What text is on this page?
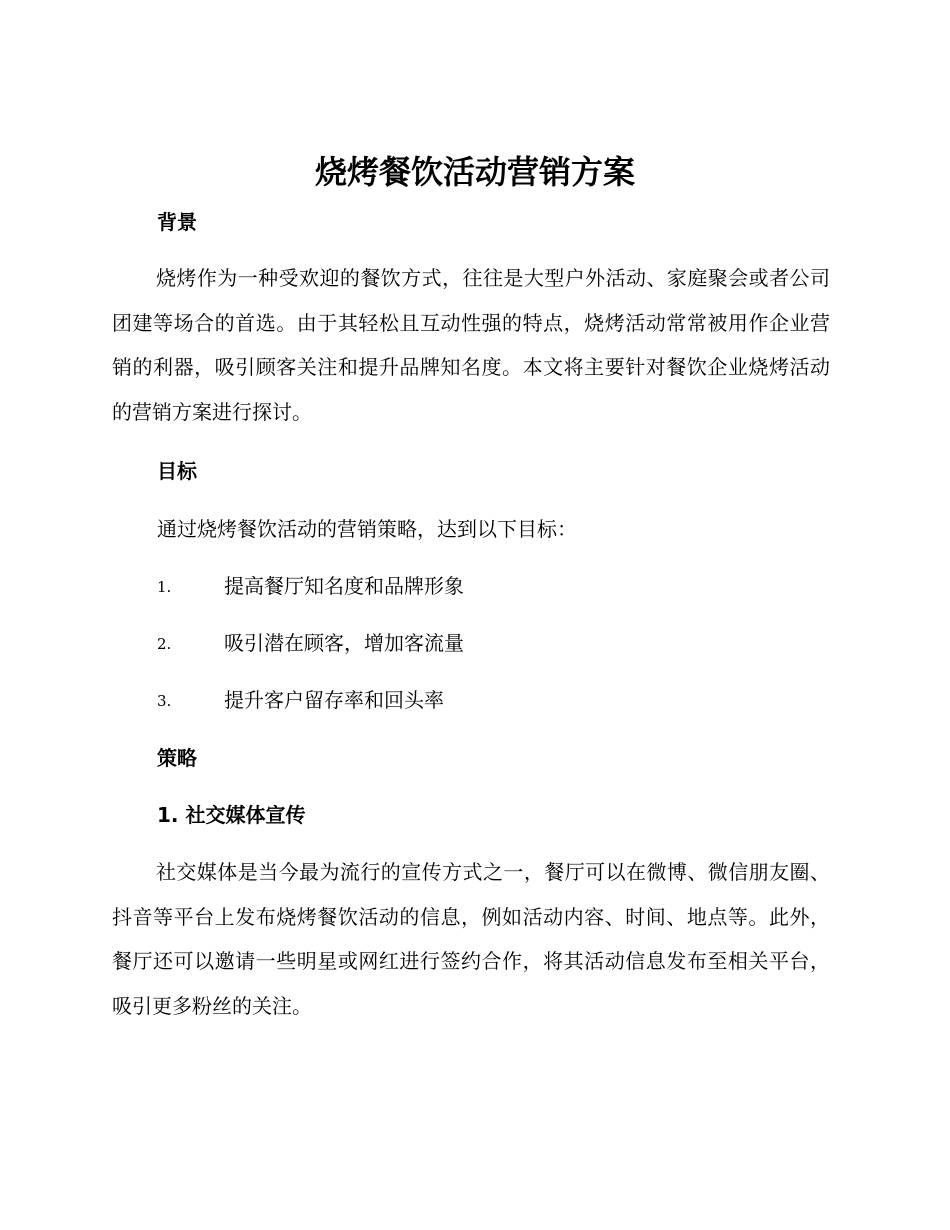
烧烤餐饮活动营销方案
背景

烧烤作为一种受欢迎的餐饮方式，往往是大型户外活动、家庭聚会或者公司团建等场合的首选。由于其轻松且互动性强的特点，烧烤活动常常被用作企业营销的利器，吸引顾客关注和提升品牌知名度。本文将主要针对餐饮企业烧烤活动的营销方案进行探讨。

目标
通过烧烤餐饮活动的营销策略，达到以下目标：
1.	提高餐厅知名度和品牌形象
2.	吸引潜在顾客，增加客流量
3.	提升客户留存率和回头率
策略
1. 社交媒体宣传

社交媒体是当今最为流行的宣传方式之一，餐厅可以在微博、微信朋友圈、抖音等平台上发布烧烤餐饮活动的信息，例如活动内容、时间、地点等。此外，餐厅还可以邀请一些明星或网红进行签约合作，将其活动信息发布至相关平台，吸引更多粉丝的关注。
